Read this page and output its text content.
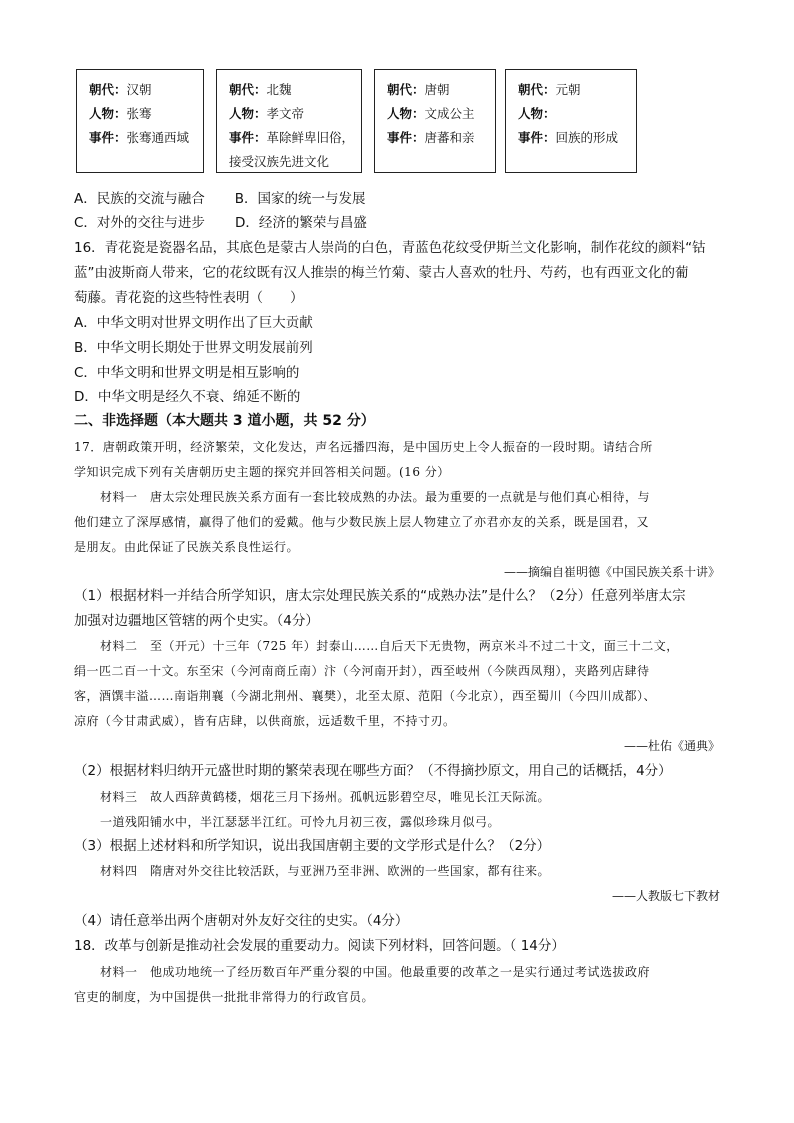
朝代：汉朝
人物：张骞
事件：张骞通西域
朝代：北魏
人物：孝文帝
事件：革除鲜卑旧俗，
接受汉族先进文化
朝代：唐朝
人物：文成公主
事件：唐蕃和亲
朝代：元朝
人物：
事件：回族的形成
A．民族的交流与融合 B．国家的统一与发展
C．对外的交往与进步 D．经济的繁荣与昌盛
16．青花瓷是瓷器名品，其底色是蒙古人崇尚的白色，青蓝色花纹受伊斯兰文化影响，制作花纹的颜料“钴
蓝”由波斯商人带来，它的花纹既有汉人推崇的梅兰竹菊、蒙古人喜欢的牡丹、芍药，也有西亚文化的葡
萄藤。青花瓷的这些特性表明（　　）
A．中华文明对世界文明作出了巨大贡献
B．中华文明长期处于世界文明发展前列
C．中华文明和世界文明是相互影响的
D．中华文明是经久不衰、绵延不断的
二、非选择题（本大题共 3 道小题，共 52 分）
17．唐朝政策开明，经济繁荣，文化发达，声名远播四海，是中国历史上令人振奋的一段时期。请结合所
学知识完成下列有关唐朝历史主题的探究并回答相关问题。(16 分）
材料一　唐太宗处理民族关系方面有一套比较成熟的办法。最为重要的一点就是与他们真心相待，与
他们建立了深厚感情，赢得了他们的爱戴。他与少数民族上层人物建立了亦君亦友的关系，既是国君，又
是朋友。由此保证了民族关系良性运行。
——摘编自崔明德《中国民族关系十讲》
（1）根据材料一并结合所学知识，唐太宗处理民族关系的“成熟办法”是什么？（2分）任意列举唐太宗
加强对边疆地区管辖的两个史实。（4分）
材料二　至（开元）十三年（725 年）封泰山……自后天下无贵物，两京米斗不过二十文，面三十二文，
绢一匹二百一十文。东至宋（今河南商丘南）汴（今河南开封），西至岐州（今陕西凤翔），夹路列店肆待
客，酒馔丰溢……南诣荆襄（今湖北荆州、襄樊），北至太原、范阳（今北京），西至蜀川（今四川成都）、
凉府（今甘肃武威），皆有店肆，以供商旅，远适数千里，不持寸刃。
——杜佑《通典》
（2）根据材料归纳开元盛世时期的繁荣表现在哪些方面？（不得摘抄原文，用自己的话概括，4分）
材料三　故人西辞黄鹤楼，烟花三月下扬州。孤帆远影碧空尽，唯见长江天际流。
一道残阳铺水中，半江瑟瑟半江红。可怜九月初三夜，露似珍珠月似弓。
（3）根据上述材料和所学知识，说出我国唐朝主要的文学形式是什么？（2分）
材料四　隋唐对外交往比较活跃，与亚洲乃至非洲、欧洲的一些国家，都有往来。
——人教版七下教材
（4）请任意举出两个唐朝对外友好交往的史实。（4分）
18．改革与创新是推动社会发展的重要动力。阅读下列材料，回答问题。（ 14分）
材料一　他成功地统一了经历数百年严重分裂的中国。他最重要的改革之一是实行通过考试选拔政府
官吏的制度，为中国提供一批批非常得力的行政官员。
